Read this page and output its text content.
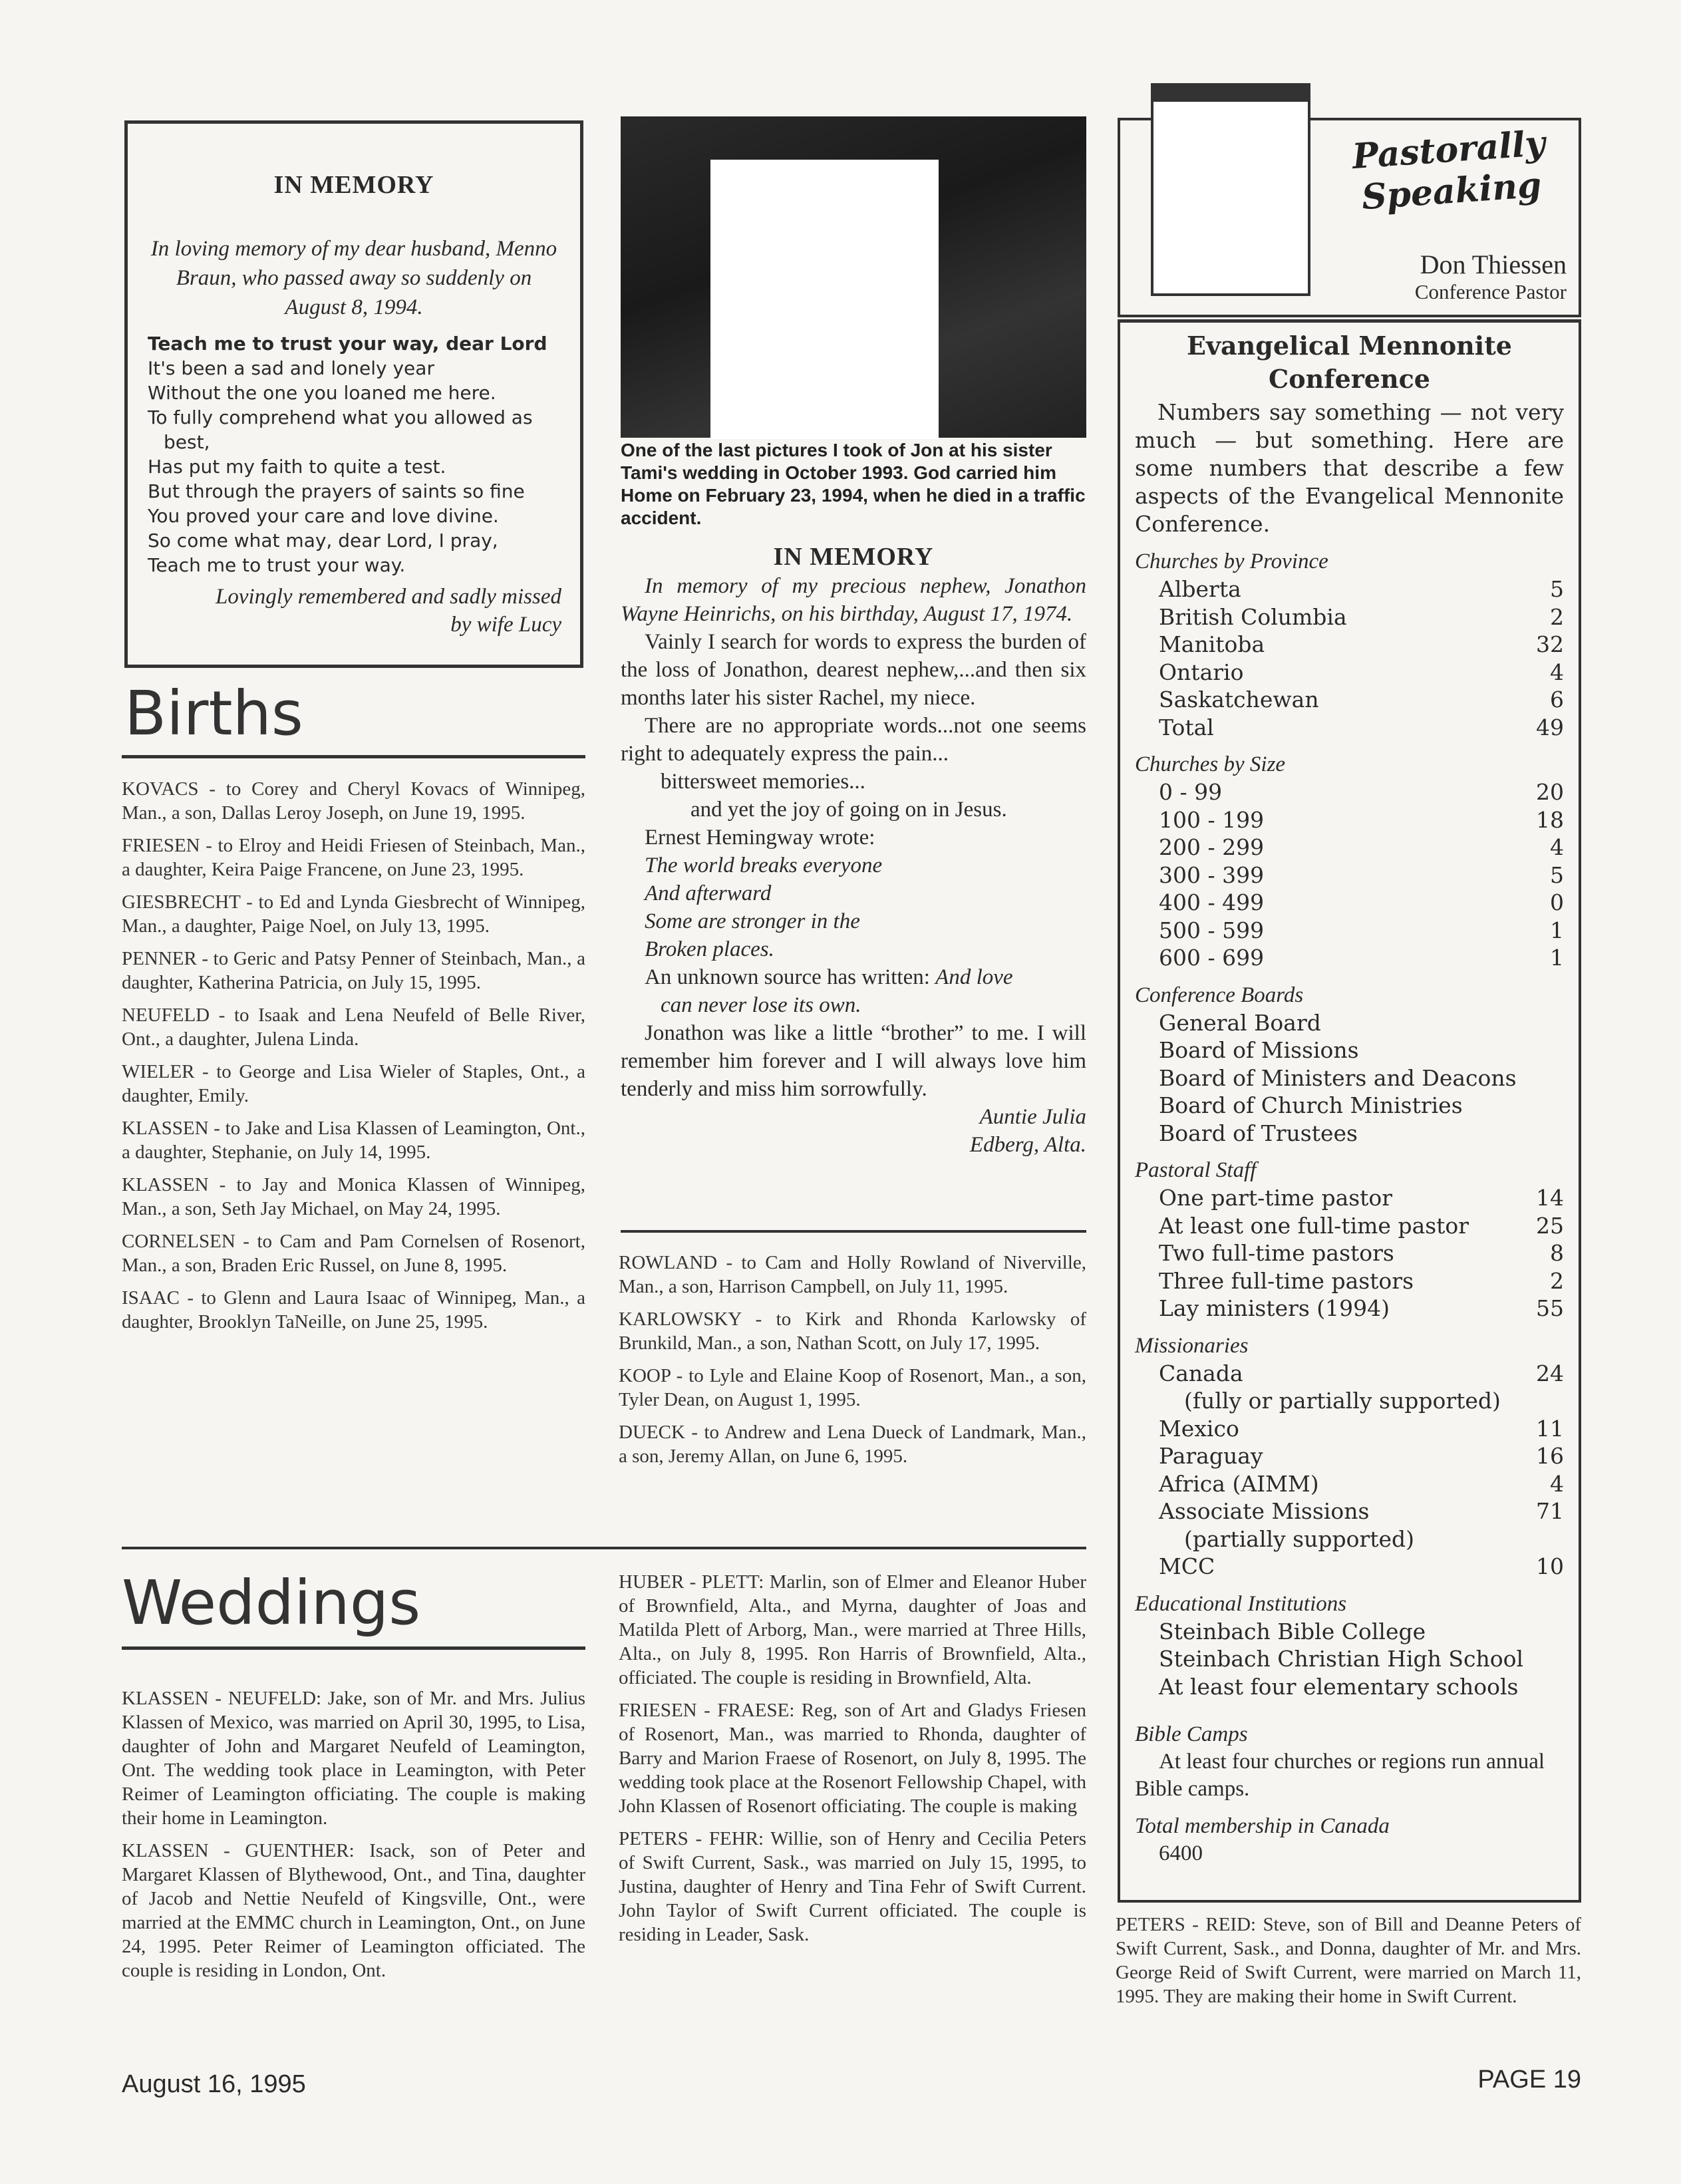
IN MEMORY

In loving memory of my dear husband, Menno Braun, who passed away so suddenly on August 8, 1994.

Teach me to trust your way, dear Lord
It's been a sad and lonely year
Without the one you loaned me here.
To fully comprehend what you allowed as best,
Has put my faith to quite a test.
But through the prayers of saints so fine
You proved your care and love divine.
So come what may, dear Lord, I pray,
Teach me to trust your way.
Lovingly remembered and sadly missed
by wife Lucy
Births

KOVACS - to Corey and Cheryl Kovacs of Winnipeg, Man., a son, Dallas Leroy Joseph, on June 19, 1995.

FRIESEN - to Elroy and Heidi Friesen of Steinbach, Man., a daughter, Keira Paige Francene, on June 23, 1995.

GIESBRECHT - to Ed and Lynda Giesbrecht of Winnipeg, Man., a daughter, Paige Noel, on July 13, 1995.

PENNER - to Geric and Patsy Penner of Steinbach, Man., a daughter, Katherina Patricia, on July 15, 1995.

NEUFELD - to Isaak and Lena Neufeld of Belle River, Ont., a daughter, Julena Linda.

WIELER - to George and Lisa Wieler of Staples, Ont., a daughter, Emily.

KLASSEN - to Jake and Lisa Klassen of Leamington, Ont., a daughter, Stephanie, on July 14, 1995.

KLASSEN - to Jay and Monica Klassen of Winnipeg, Man., a son, Seth Jay Michael, on May 24, 1995.

CORNELSEN - to Cam and Pam Cornelsen of Rosenort, Man., a son, Braden Eric Russel, on June 8, 1995.

ISAAC - to Glenn and Laura Isaac of Winnipeg, Man., a daughter, Brooklyn TaNeille, on June 25, 1995.

Weddings

KLASSEN - NEUFELD: Jake, son of Mr. and Mrs. Julius Klassen of Mexico, was married on April 30, 1995, to Lisa, daughter of John and Margaret Neufeld of Leamington, Ont. The wedding took place in Leamington, with Peter Reimer of Leamington officiating. The couple is making their home in Leamington.

KLASSEN - GUENTHER: Isack, son of Peter and Margaret Klassen of Blythewood, Ont., and Tina, daughter of Jacob and Nettie Neufeld of Kingsville, Ont., were married at the EMMC church in Leamington, Ont., on June 24, 1995. Peter Reimer of Leamington officiated. The couple is residing in London, Ont.

One of the last pictures I took of Jon at his sister Tami's wedding in October 1993. God carried him Home on February 23, 1994, when he died in a traffic accident.
IN MEMORY

In memory of my precious nephew, Jonathon Wayne Heinrichs, on his birthday, August 17, 1974.

Vainly I search for words to express the burden of the loss of Jonathon, dearest nephew,...and then six months later his sister Rachel, my niece.

There are no appropriate words...not one seems right to adequately express the pain...

bittersweet memories...

and yet the joy of going on in Jesus.

Ernest Hemingway wrote:

The world breaks everyone

And afterward

Some are stronger in the

Broken places.

An unknown source has written: And love

can never lose its own.

Jonathon was like a little “brother” to me. I will remember him forever and I will always love him tenderly and miss him sorrowfully.

Auntie Julia

Edberg, Alta.

ROWLAND - to Cam and Holly Rowland of Niverville, Man., a son, Harrison Campbell, on July 11, 1995.

KARLOWSKY - to Kirk and Rhonda Karlowsky of Brunkild, Man., a son, Nathan Scott, on July 17, 1995.

KOOP - to Lyle and Elaine Koop of Rosenort, Man., a son, Tyler Dean, on August 1, 1995.

DUECK - to Andrew and Lena Dueck of Landmark, Man., a son, Jeremy Allan, on June 6, 1995.

HUBER - PLETT: Marlin, son of Elmer and Eleanor Huber of Brownfield, Alta., and Myrna, daughter of Joas and Matilda Plett of Arborg, Man., were married at Three Hills, Alta., on July 8, 1995. Ron Harris of Brownfield, Alta., officiated. The couple is residing in Brownfield, Alta.

FRIESEN - FRAESE: Reg, son of Art and Gladys Friesen of Rosenort, Man., was married to Rhonda, daughter of Barry and Marion Fraese of Rosenort, on July 8, 1995. The wedding took place at the Rosenort Fellowship Chapel, with John Klassen of Rosenort officiating. The couple is making

PETERS - FEHR: Willie, son of Henry and Cecilia Peters of Swift Current, Sask., was married on July 15, 1995, to Justina, daughter of Henry and Tina Fehr of Swift Current. John Taylor of Swift Current officiated. The couple is residing in Leader, Sask.

Pastorally
Speaking
Don Thiessen
Conference Pastor
Evangelical Mennonite
Conference

Numbers say something — not very much — but something. Here are some numbers that describe a few aspects of the Evangelical Mennonite Conference.

Churches by Province

Alberta	5
British Columbia	2
Manitoba	32
Ontario	4
Saskatchewan	6
Total	49

Churches by Size

0 - 99	20
100 - 199	18
200 - 299	4
300 - 399	5
400 - 499	0
500 - 599	1
600 - 699	1

Conference Boards

General Board
Board of Missions
Board of Ministers and Deacons
Board of Church Ministries
Board of Trustees

Pastoral Staff

One part-time pastor	14
At least one full-time pastor	25
Two full-time pastors	8
Three full-time pastors	2
Lay ministers (1994)	55

Missionaries

Canada	24
(fully or partially supported)
Mexico	11
Paraguay	16
Africa (AIMM)	4
Associate Missions	71
(partially supported)
MCC	10

Educational Institutions

Steinbach Bible College
Steinbach Christian High School
At least four elementary schools

Bible Camps

At least four churches or regions run annual Bible camps.

Total membership in Canada

6400

PETERS - REID: Steve, son of Bill and Deanne Peters of Swift Current, Sask., and Donna, daughter of Mr. and Mrs. George Reid of Swift Current, were married on March 11, 1995. They are making their home in Swift Current.

August 16, 1995	PAGE 19
